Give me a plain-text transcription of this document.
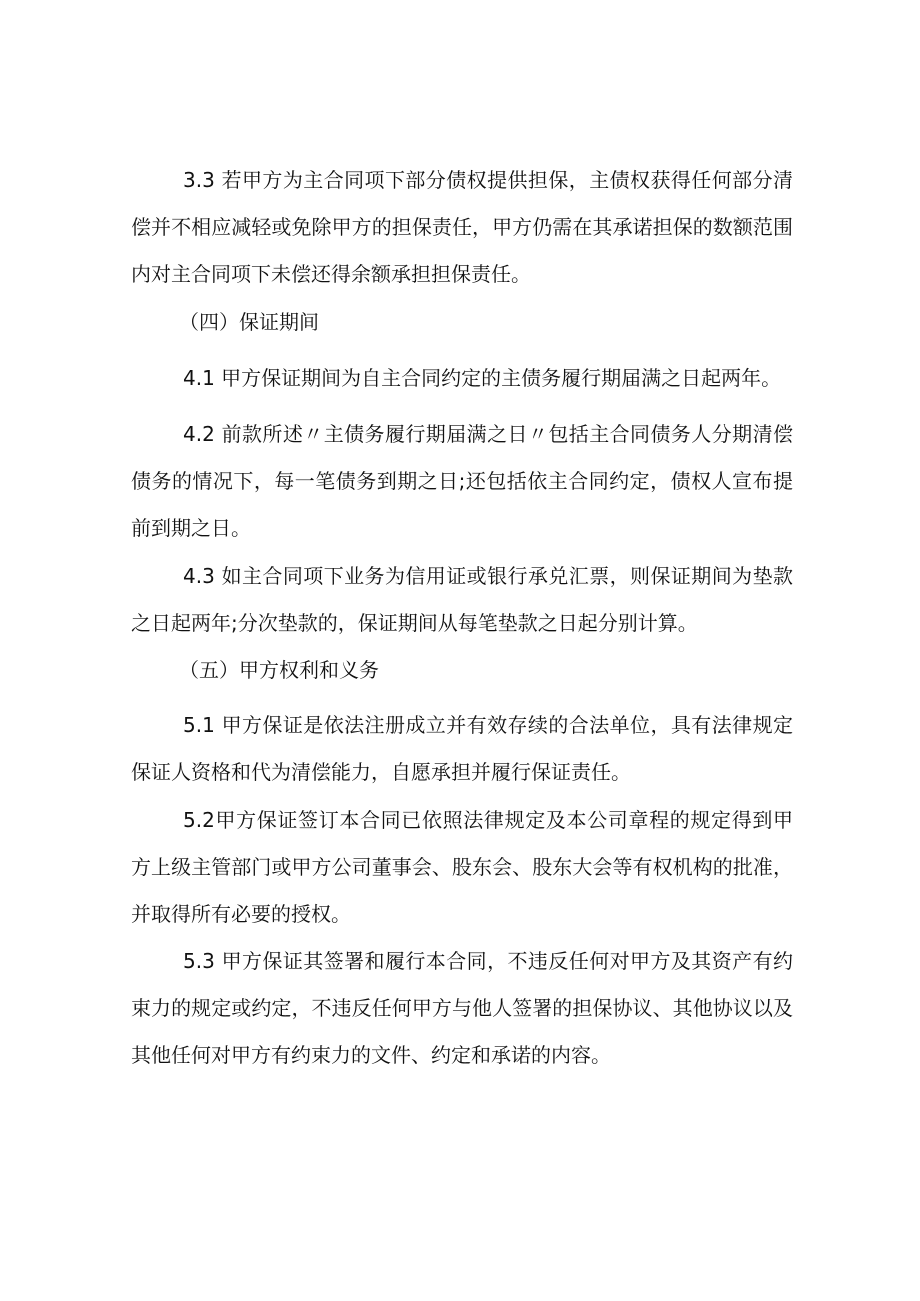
3.3 若甲方为主合同项下部分债权提供担保，主债权获得任何部分清偿并不相应减轻或免除甲方的担保责任，甲方仍需在其承诺担保的数额范围内对主合同项下未偿还得余额承担担保责任。

（四）保证期间

4.1 甲方保证期间为自主合同约定的主债务履行期届满之日起两年。

4.2 前款所述〃主债务履行期届满之日〃包括主合同债务人分期清偿债务的情况下，每一笔债务到期之日;还包括依主合同约定，债权人宣布提前到期之日。

4.3 如主合同项下业务为信用证或银行承兑汇票，则保证期间为垫款之日起两年;分次垫款的，保证期间从每笔垫款之日起分别计算。

（五）甲方权利和义务

5.1 甲方保证是依法注册成立并有效存续的合法单位，具有法律规定保证人资格和代为清偿能力，自愿承担并履行保证责任。

5.2甲方保证签订本合同已依照法律规定及本公司章程的规定得到甲方上级主管部门或甲方公司董事会、股东会、股东大会等有权机构的批准，并取得所有必要的授权。

5.3 甲方保证其签署和履行本合同，不违反任何对甲方及其资产有约束力的规定或约定，不违反任何甲方与他人签署的担保协议、其他协议以及其他任何对甲方有约束力的文件、约定和承诺的内容。
